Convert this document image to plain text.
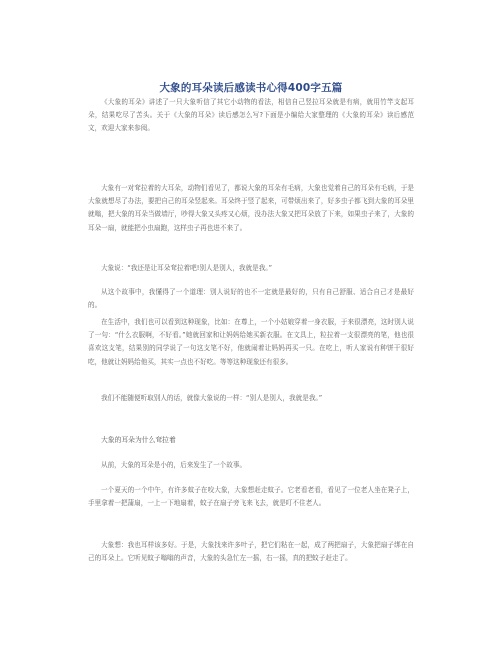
大象的耳朵读后感读书心得400字五篇

《大象的耳朵》讲述了一只大象听信了其它小动物的看法，相信自己竖拉耳朵就是有病，就用竹竿支起耳朵，结果吃尽了苦头。关于《大象的耳朵》读后感怎么写?下面是小编给大家整理的《大象的耳朵》读后感范文，欢迎大家来参阅。

大象有一对耷拉着的大耳朵，动物们看见了，都说大象的耳朵有毛病，大象也觉着自己的耳朵有毛病，于是大象就想尽了办法，要把自己的耳朵竖起来。耳朵终于竖了起来，可带烦出来了，好多虫子都飞到大象的耳朵里就嗡，把大象的耳朵当做墙厅，吵得大象又头疼又心烦，没办法大象又把耳朵放了下来，如果虫子来了，大象的耳朵一扇，就能把小虫扇跑，这样虫子再也进不来了。

大象说：“我还是让耳朵耷拉着吧!别人是别人，我就是我。”

从这个故事中，我懂得了一个道理：别人说好的也不一定就是最好的，只有自己舒服、适合自己才是最好的。

在生活中，我们也可以看到这种现象，比如：在尊上，一个小姑娘穿着一身衣服，于来很漂亮，这时别人说了一句：“什么衣服啊，不好看。”她就回家和让妈妈给她买新衣服。在文具上，粒拉着一支很漂亮的笔，他也很喜欢这支笔，结果别的同学说了一句这支笔不好，他就闹着让妈妈再买一只。在吃上，听人家说有种饼干很好吃，他就让妈妈给他买，其实一点也不好吃。等等这种现象还有很多。

我们不能随便听取别人的话，就像大象说的一样：“别人是别人，我就是我。”

大象的耳朵为什么耷拉着

从前，大象的耳朵是小的，后来发生了一个故事。

一个夏天的一个中午，有许多蚊子在咬大象，大象想赶走蚊子。它老看老看，看见了一位老人坐在凳子上，手里拿着一把蒲扇，一上一下地扇着，蚊子在扇子旁飞来飞去，就是叮不住老人。

大象想：我也耳样该多好。于是，大象找来许多叶子，把它们粘在一起，成了两把扇子，大象把扇子绑在自己的耳朵上。它听见蚊子嗡嗡的声音，大象的头急忙左一摇，右一摇，真的把蚊子赶走了。
